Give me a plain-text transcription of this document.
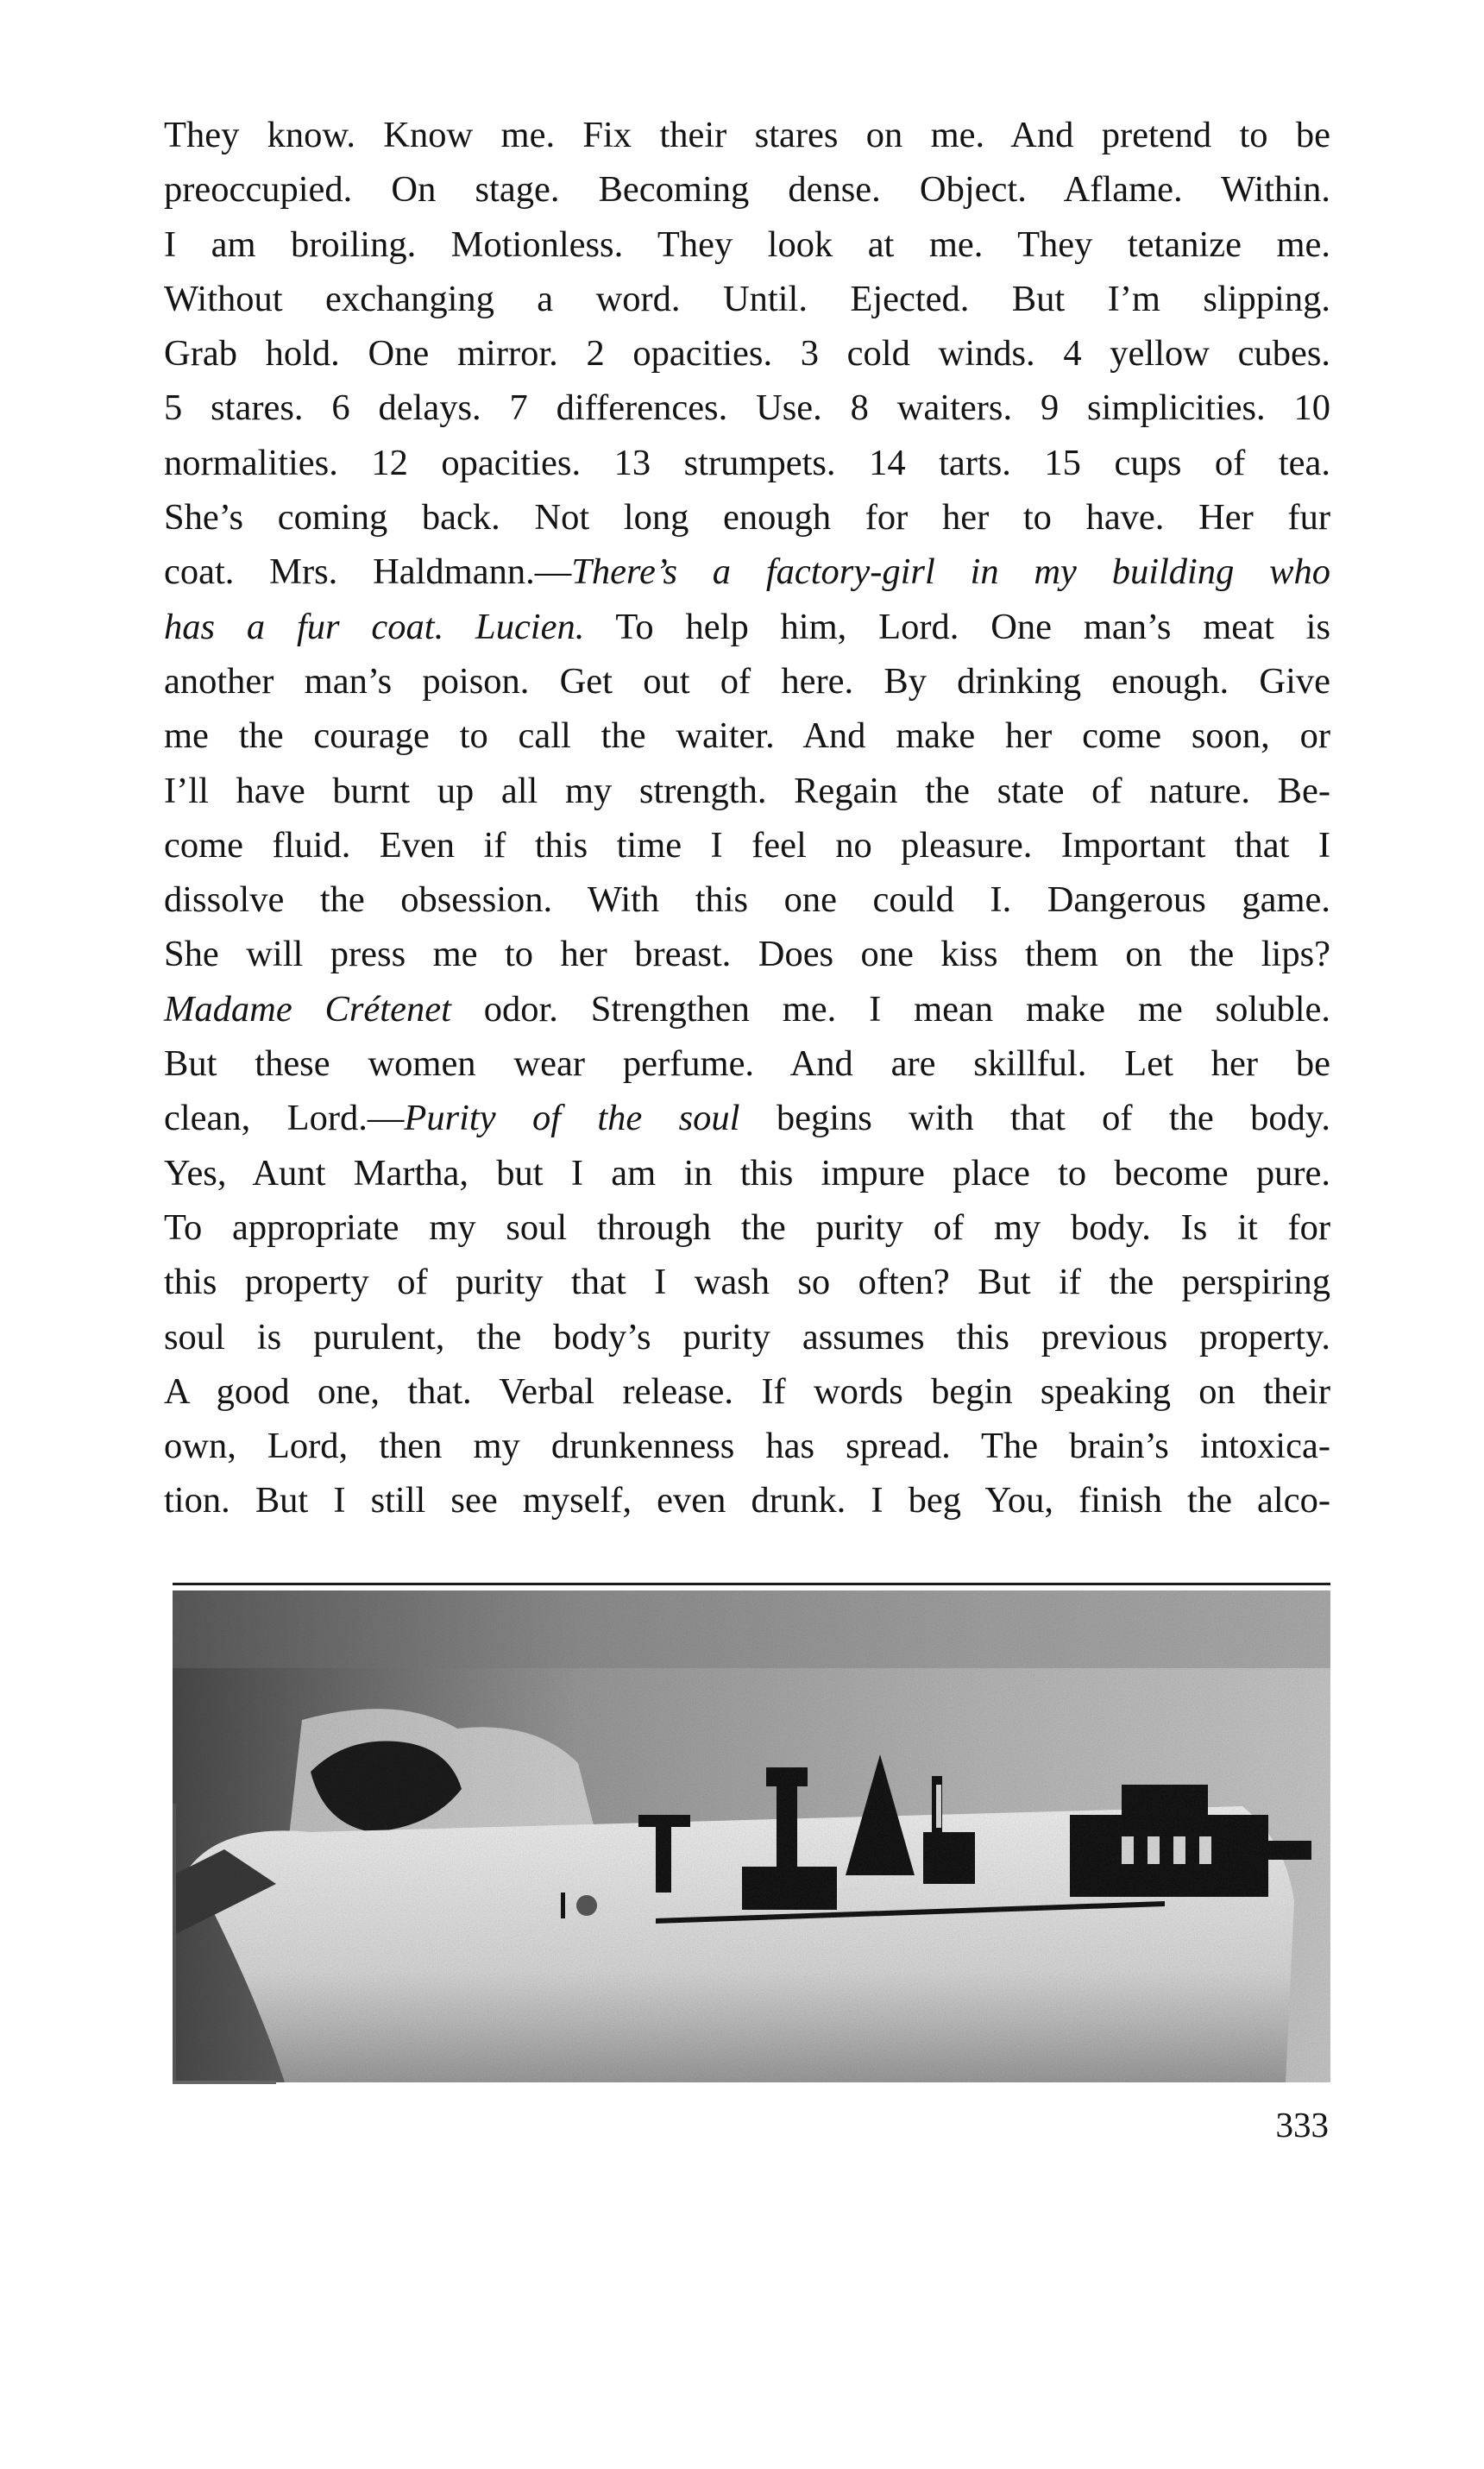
They know. Know me. Fix their stares on me. And pretend to be
preoccupied. On stage. Becoming dense. Object. Aflame. Within.
I am broiling. Motionless. They look at me. They tetanize me.
Without exchanging a word. Until. Ejected. But I’m slipping.
Grab hold. One mirror. 2 opacities. 3 cold winds. 4 yellow cubes.
5 stares. 6 delays. 7 differences. Use. 8 waiters. 9 simplicities. 10
normalities. 12 opacities. 13 strumpets. 14 tarts. 15 cups of tea.
She’s coming back. Not long enough for her to have. Her fur
coat. Mrs. Haldmann.—There’s a factory-girl in my building who
has a fur coat. Lucien. To help him, Lord. One man’s meat is
another man’s poison. Get out of here. By drinking enough. Give
me the courage to call the waiter. And make her come soon, or
I’ll have burnt up all my strength. Regain the state of nature. Be-
come fluid. Even if this time I feel no pleasure. Important that I
dissolve the obsession. With this one could I. Dangerous game.
She will press me to her breast. Does one kiss them on the lips?
Madame Crétenet odor. Strengthen me. I mean make me soluble.
But these women wear perfume. And are skillful. Let her be
clean, Lord.—Purity of the soul begins with that of the body.
Yes, Aunt Martha, but I am in this impure place to become pure.
To appropriate my soul through the purity of my body. Is it for
this property of purity that I wash so often? But if the perspiring
soul is purulent, the body’s purity assumes this previous property.
A good one, that. Verbal release. If words begin speaking on their
own, Lord, then my drunkenness has spread. The brain’s intoxica-
tion. But I still see myself, even drunk. I beg You, finish the alco-
333
